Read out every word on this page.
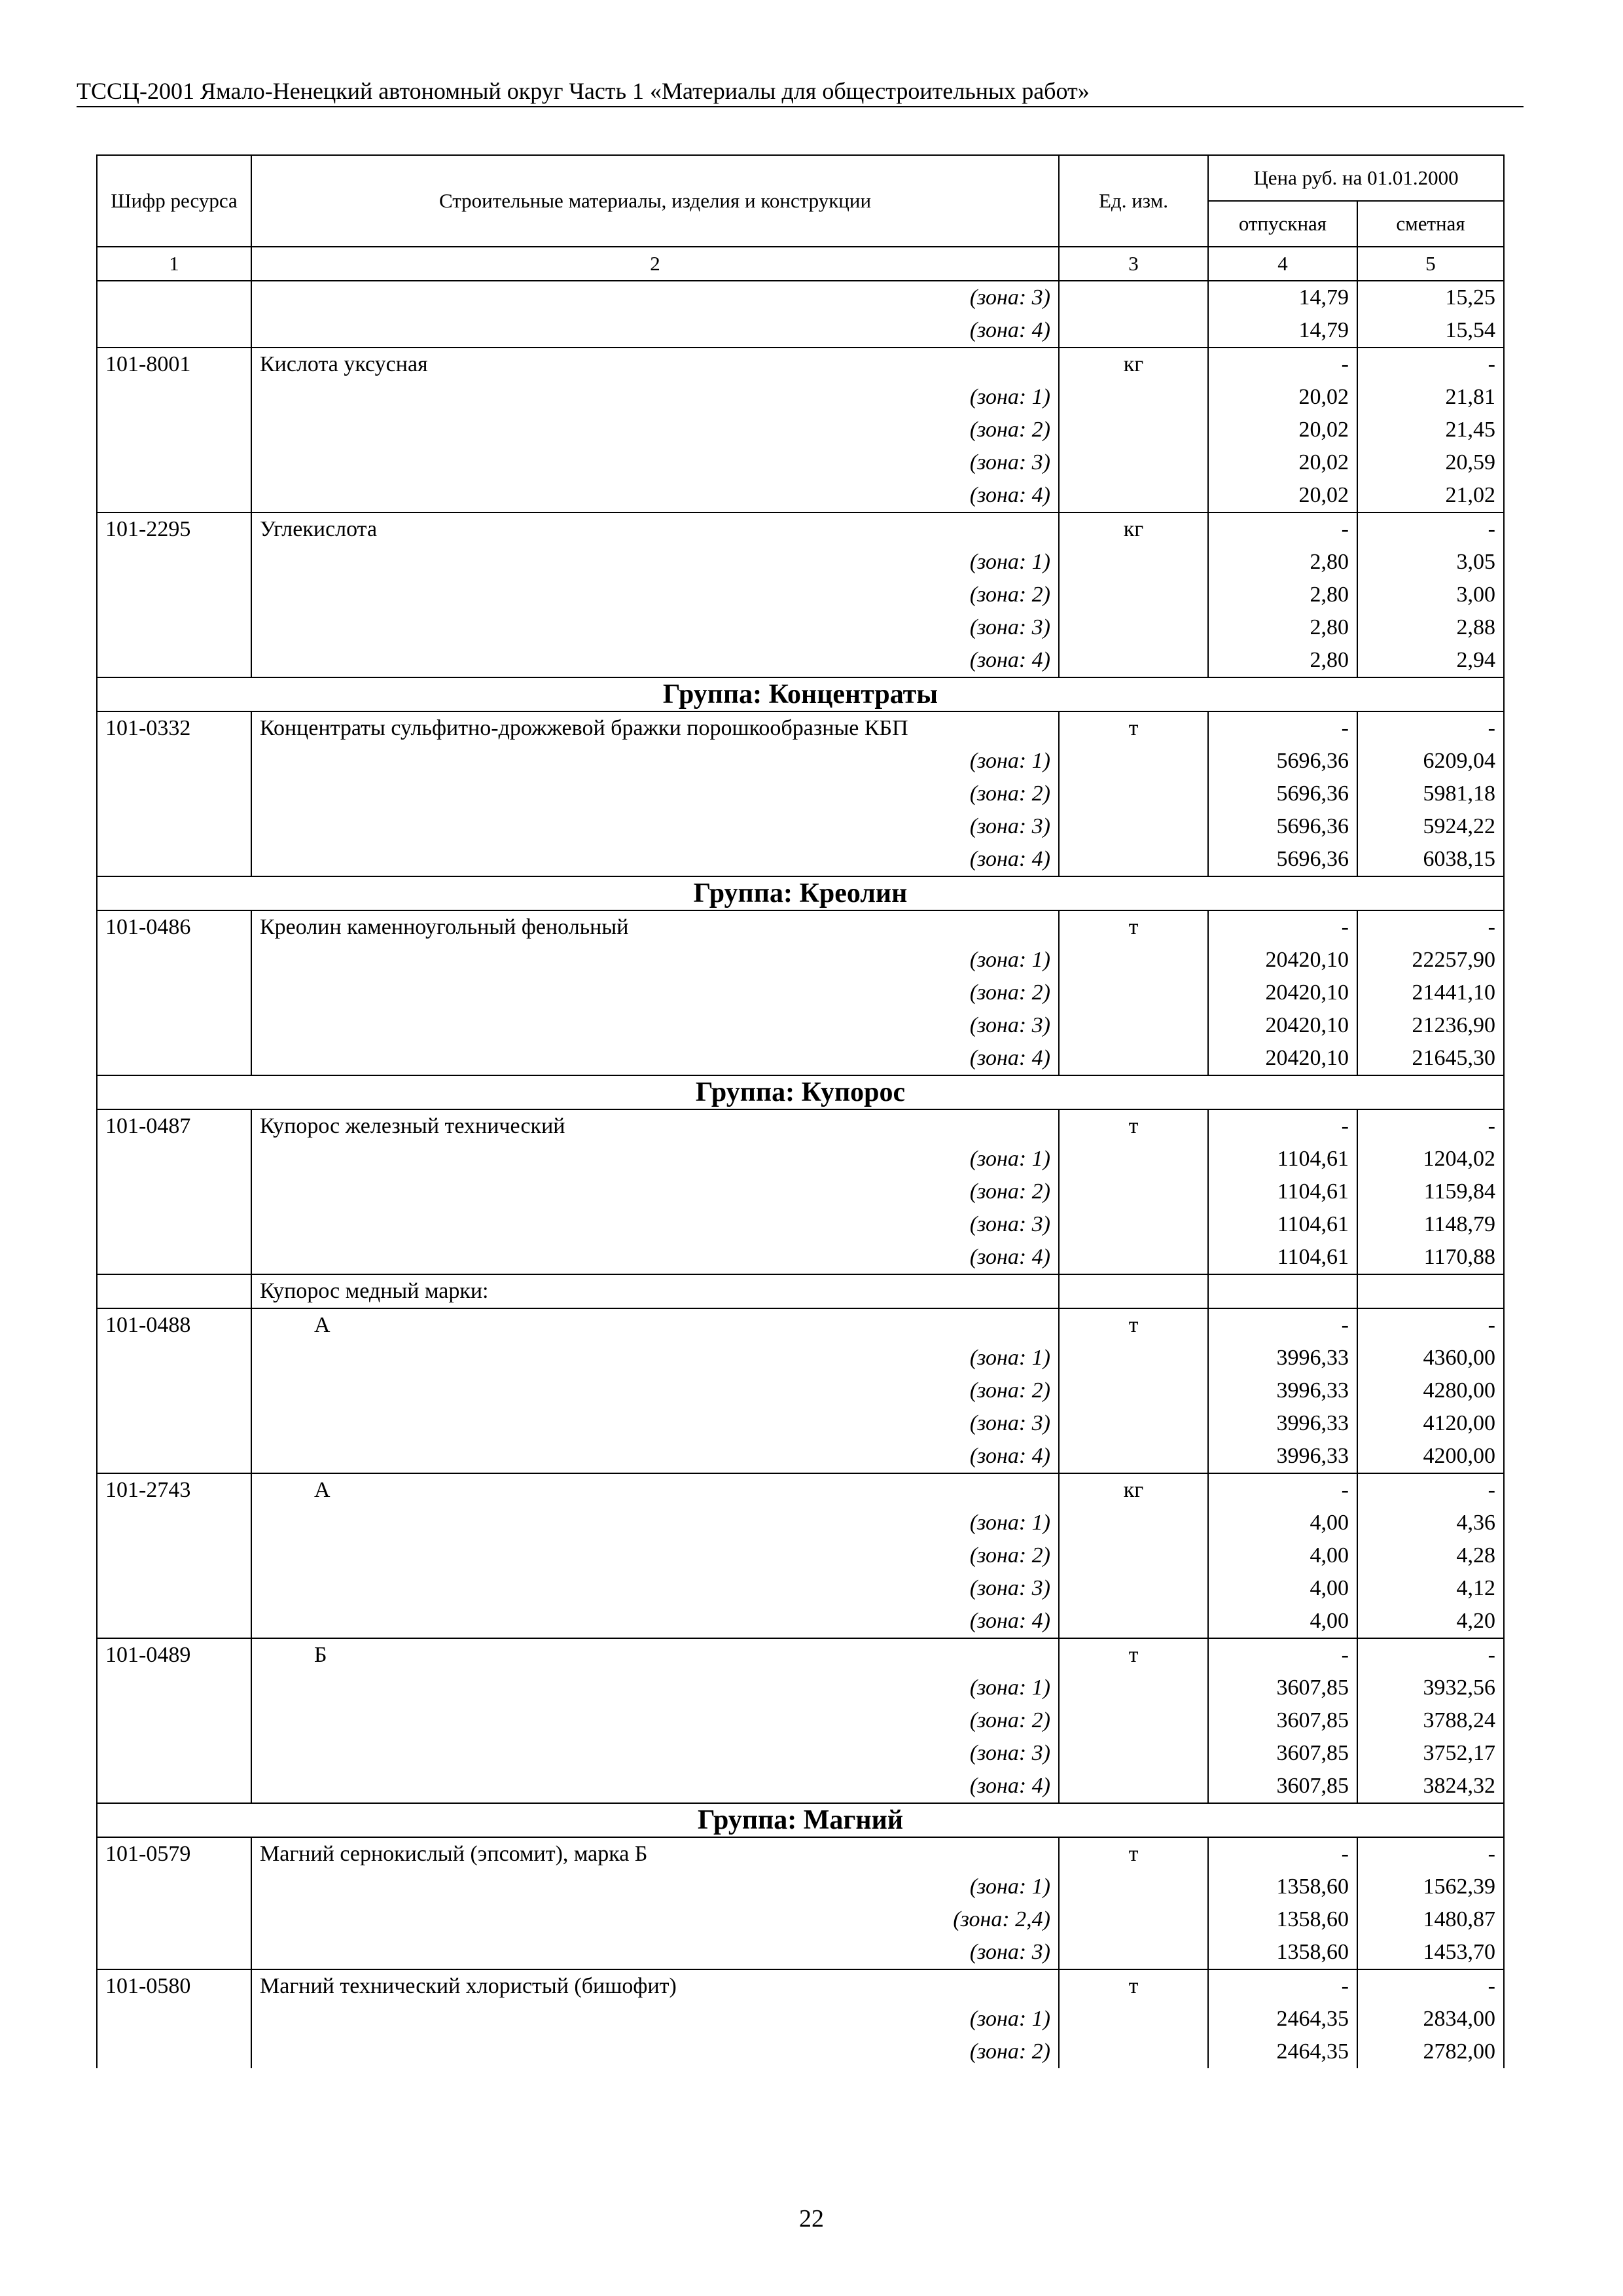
ТССЦ-2001 Ямало-Ненецкий автономный округ Часть 1 «Материалы для общестроительных работ»
Шифр ресурса	Строительные материалы, изделия и конструкции	Ед. изм.	Цена руб. на 01.01.2000	
			отпускная	сметная
1	2	3	4	5
	(зона: 3)		14,79	15,25
	(зона: 4)		14,79	15,54
101-8001	Кислота уксусная	кг	-	-
	(зона: 1)		20,02	21,81
	(зона: 2)		20,02	21,45
	(зона: 3)		20,02	20,59
	(зона: 4)		20,02	21,02
101-2295	Углекислота	кг	-	-
	(зона: 1)		2,80	3,05
	(зона: 2)		2,80	3,00
	(зона: 3)		2,80	2,88
	(зона: 4)		2,80	2,94
Группа: Концентраты				
101-0332	Концентраты сульфитно-дрожжевой бражки порошкообразные КБП	т	-	-
	(зона: 1)		5696,36	6209,04
	(зона: 2)		5696,36	5981,18
	(зона: 3)		5696,36	5924,22
	(зона: 4)		5696,36	6038,15
Группа: Креолин				
101-0486	Креолин каменноугольный фенольный	т	-	-
	(зона: 1)		20420,10	22257,90
	(зона: 2)		20420,10	21441,10
	(зона: 3)		20420,10	21236,90
	(зона: 4)		20420,10	21645,30
Группа: Купорос				
101-0487	Купорос железный технический	т	-	-
	(зона: 1)		1104,61	1204,02
	(зона: 2)		1104,61	1159,84
	(зона: 3)		1104,61	1148,79
	(зона: 4)		1104,61	1170,88
	Купорос медный марки:			
101-0488	А	т	-	-
	(зона: 1)		3996,33	4360,00
	(зона: 2)		3996,33	4280,00
	(зона: 3)		3996,33	4120,00
	(зона: 4)		3996,33	4200,00
101-2743	А	кг	-	-
	(зона: 1)		4,00	4,36
	(зона: 2)		4,00	4,28
	(зона: 3)		4,00	4,12
	(зона: 4)		4,00	4,20
101-0489	Б	т	-	-
	(зона: 1)		3607,85	3932,56
	(зона: 2)		3607,85	3788,24
	(зона: 3)		3607,85	3752,17
	(зона: 4)		3607,85	3824,32
Группа: Магний				
101-0579	Магний сернокислый (эпсомит), марка Б	т	-	-
	(зона: 1)		1358,60	1562,39
	(зона: 2,4)		1358,60	1480,87
	(зона: 3)		1358,60	1453,70
101-0580	Магний технический хлористый (бишофит)	т	-	-
	(зона: 1)		2464,35	2834,00
	(зона: 2)		2464,35	2782,00
22
